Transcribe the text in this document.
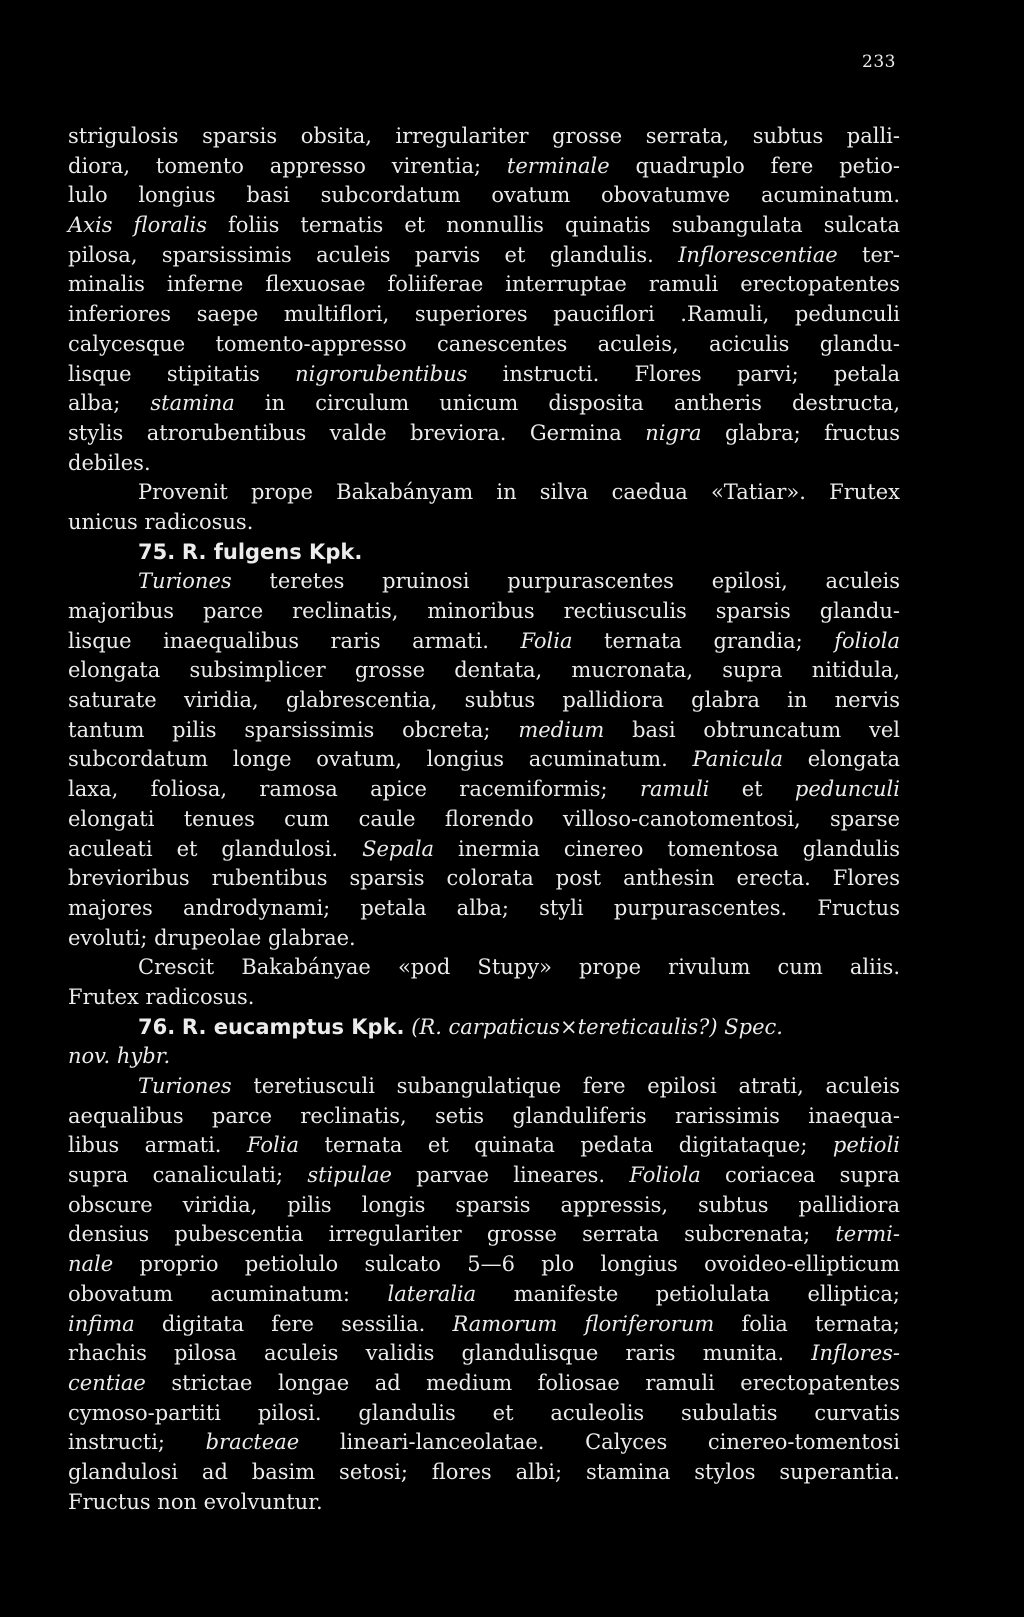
233
strigulosis sparsis obsita, irregulariter grosse serrata, subtus palli-
diora, tomento appresso virentia; terminale quadruplo fere petio-
lulo longius basi subcordatum ovatum obovatumve acuminatum.
Axis floralis foliis ternatis et nonnullis quinatis subangulata sulcata
pilosa, sparsissimis aculeis parvis et glandulis. Inflorescentiae ter-
minalis inferne flexuosae foliiferae interruptae ramuli erectopatentes
inferiores saepe multiflori, superiores pauciflori .Ramuli, pedunculi
calycesque tomento-appresso canescentes aculeis, aciculis glandu-
lisque stipitatis nigrorubentibus instructi. Flores parvi; petala
alba; stamina in circulum unicum disposita antheris destructa,
stylis atrorubentibus valde breviora. Germina nigra glabra; fructus
debiles.
Provenit prope Bakabányam in silva caedua «Tatiar». Frutex
unicus radicosus.
75. R. fulgens Kpk.
Turiones teretes pruinosi purpurascentes epilosi, aculeis
majoribus parce reclinatis, minoribus rectiusculis sparsis glandu-
lisque inaequalibus raris armati. Folia ternata grandia; foliola
elongata subsimplicer grosse dentata, mucronata, supra nitidula,
saturate viridia, glabrescentia, subtus pallidiora glabra in nervis
tantum pilis sparsissimis obcreta; medium basi obtruncatum vel
subcordatum longe ovatum, longius acuminatum. Panicula elongata
laxa, foliosa, ramosa apice racemiformis; ramuli et pedunculi
elongati tenues cum caule florendo villoso-canotomentosi, sparse
aculeati et glandulosi. Sepala inermia cinereo tomentosa glandulis
brevioribus rubentibus sparsis colorata post anthesin erecta. Flores
majores androdynami; petala alba; styli purpurascentes. Fructus
evoluti; drupeolae glabrae.
Crescit Bakabányae «pod Stupy» prope rivulum cum aliis.
Frutex radicosus.
76. R. eucamptus Kpk. (R. carpaticus×tereticaulis?) Spec.
nov. hybr.
Turiones teretiusculi subangulatique fere epilosi atrati, aculeis
aequalibus parce reclinatis, setis glanduliferis rarissimis inaequa-
libus armati. Folia ternata et quinata pedata digitataque; petioli
supra canaliculati; stipulae parvae lineares. Foliola coriacea supra
obscure viridia, pilis longis sparsis appressis, subtus pallidiora
densius pubescentia irregulariter grosse serrata subcrenata; termi-
nale proprio petiolulo sulcato 5—6 plo longius ovoideo-ellipticum
obovatum acuminatum: lateralia manifeste petiolulata elliptica;
infima digitata fere sessilia. Ramorum floriferorum folia ternata;
rhachis pilosa aculeis validis glandulisque raris munita. Inflores-
centiae strictae longae ad medium foliosae ramuli erectopatentes
cymoso-partiti pilosi. glandulis et aculeolis subulatis curvatis
instructi; bracteae lineari-lanceolatae. Calyces cinereo-tomentosi
glandulosi ad basim setosi; flores albi; stamina stylos superantia.
Fructus non evolvuntur.
